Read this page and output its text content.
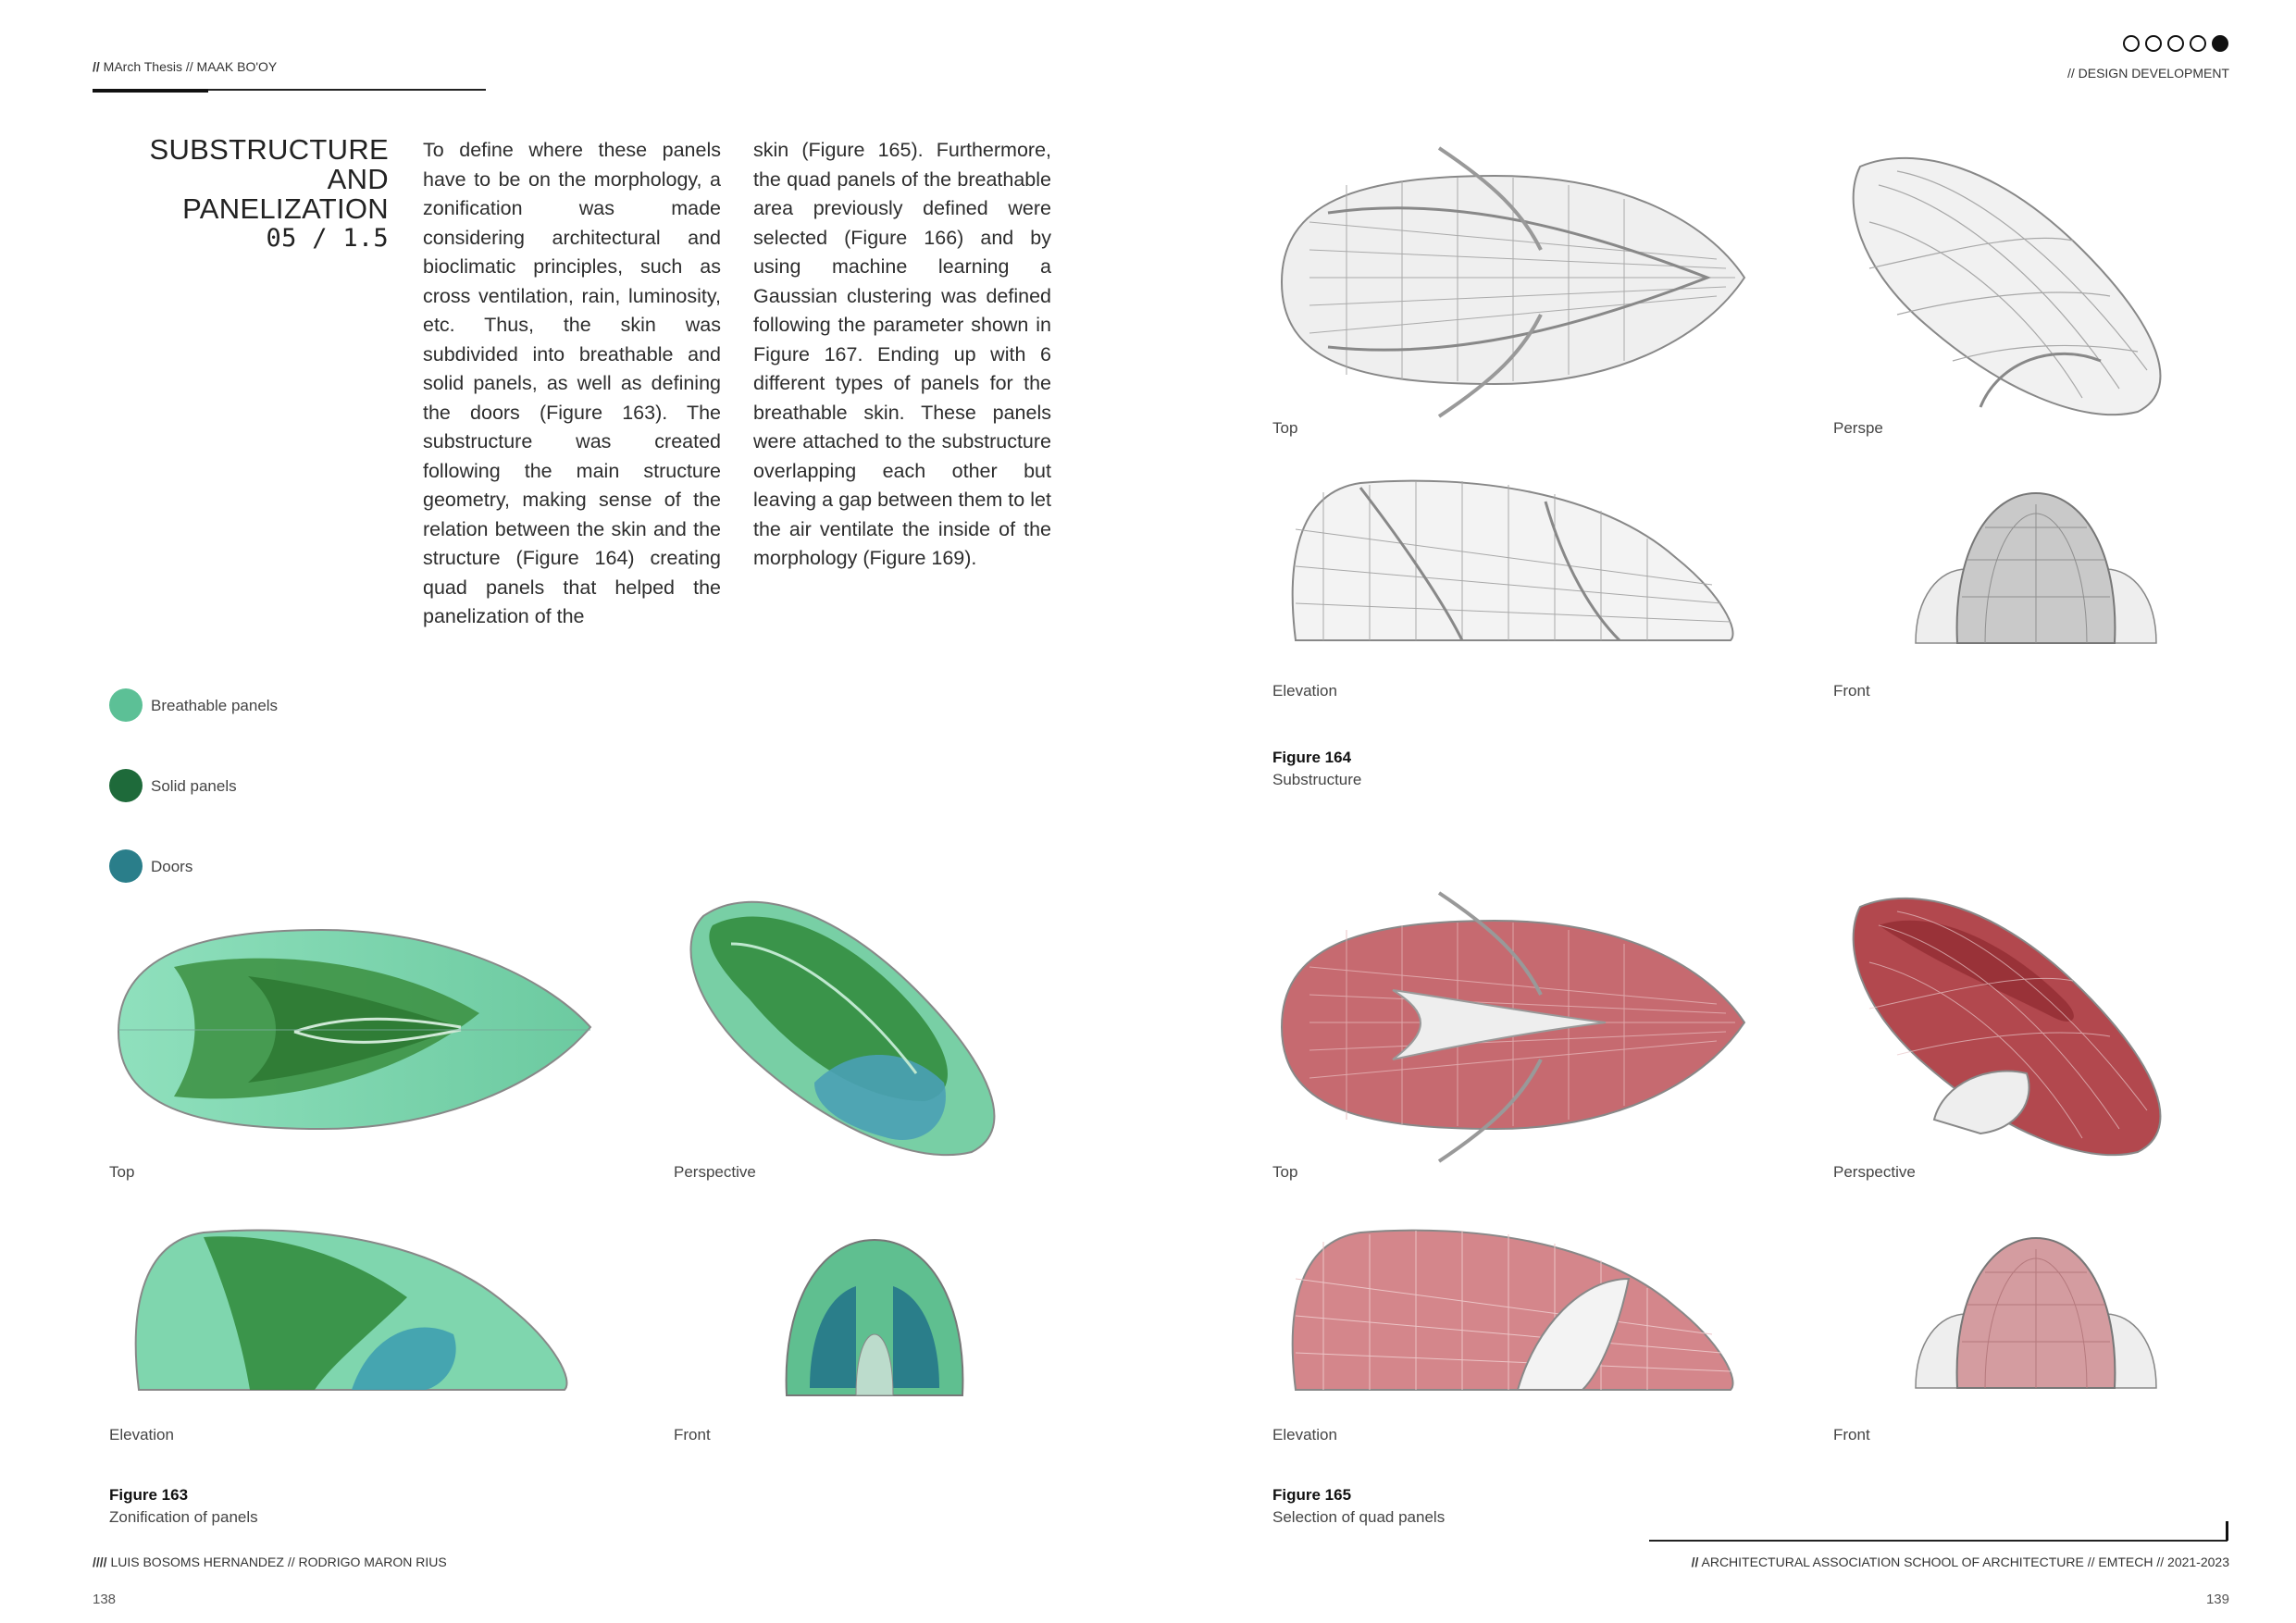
// MArch Thesis // MAAK BO'OY	// DESIGN DEVELOPMENT
SUBSTRUCTURE AND
PANELIZATION
05 / 1.5
To define where these panels have to be on the morphology, a zonification was made considering architectural and bioclimatic principles, such as cross ventilation, rain, luminosity, etc. Thus, the skin was subdivided into breathable and solid panels, as well as defining the doors (Figure 163). The substructure was created following the main structure geometry, making sense of the relation between the skin and the structure (Figure 164) creating quad panels that helped the panelization of the
skin (Figure 165). Furthermore, the quad panels of the breathable area previously defined were selected (Figure 166) and by using machine learning a Gaussian clustering was defined following the parameter shown in Figure 167. Ending up with 6 different types of panels for the breathable skin. These panels were attached to the substructure overlapping each other but leaving a gap between them to let the air ventilate the inside of the morphology (Figure 169).
Breathable panels
Solid panels
Doors
Top	Perspective
Elevation	Front
Figure 163
Zonification of panels
Top	Perspe
Elevation	Front
Figure 164
Substructure
Top	Perspective
Elevation	Front
Figure 165
Selection of quad panels
//// LUIS BOSOMS HERNANDEZ // RODRIGO MARON RIUS
138
// ARCHITECTURAL ASSOCIATION SCHOOL OF ARCHITECTURE // EMTECH // 2021-2023
139
